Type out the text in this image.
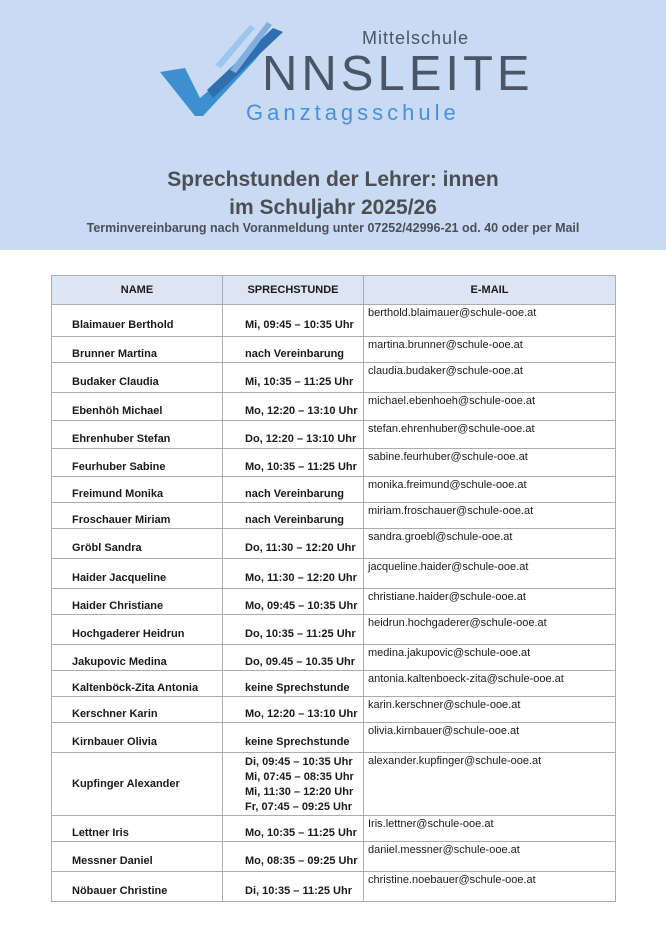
Mittelschule
NNSLEITE
Ganztagsschule
Sprechstunden der Lehrer: innen
im Schuljahr 2025/26
Terminvereinbarung nach Voranmeldung unter 07252/42996-21 od. 40 oder per Mail
NAME	SPRECHSTUNDE	E-MAIL
Blaimauer Berthold	Mi, 09:45 – 10:35 Uhr	berthold.blaimauer@schule-ooe.at
Brunner Martina	nach Vereinbarung	martina.brunner@schule-ooe.at
Budaker Claudia	Mi, 10:35 – 11:25 Uhr	claudia.budaker@schule-ooe.at
Ebenhöh Michael	Mo, 12:20 – 13:10 Uhr	michael.ebenhoeh@schule-ooe.at
Ehrenhuber Stefan	Do, 12:20 – 13:10 Uhr	stefan.ehrenhuber@schule-ooe.at
Feurhuber Sabine	Mo, 10:35 – 11:25 Uhr	sabine.feurhuber@schule-ooe.at
Freimund Monika	nach Vereinbarung	monika.freimund@schule-ooe.at
Froschauer Miriam	nach Vereinbarung	miriam.froschauer@schule-ooe.at
Gröbl Sandra	Do, 11:30 – 12:20 Uhr	sandra.groebl@schule-ooe.at
Haider Jacqueline	Mo, 11:30 – 12:20 Uhr	jacqueline.haider@schule-ooe.at
Haider Christiane	Mo, 09:45 – 10:35 Uhr	christiane.haider@schule-ooe.at
Hochgaderer Heidrun	Do, 10:35 – 11:25 Uhr	heidrun.hochgaderer@schule-ooe.at
Jakupovic Medina	Do, 09.45 – 10.35 Uhr	medina.jakupovic@schule-ooe.at
Kaltenböck-Zita Antonia	keine Sprechstunde	antonia.kaltenboeck-zita@schule-ooe.at
Kerschner Karin	Mo, 12:20 – 13:10 Uhr	karin.kerschner@schule-ooe.at
Kirnbauer Olivia	keine Sprechstunde	olivia.kirnbauer@schule-ooe.at
Kupfinger Alexander	Di, 09:45 – 10:35 Uhr
Mi, 07:45 – 08:35 Uhr
Mi, 11:30 – 12:20 Uhr
Fr, 07:45 – 09:25 Uhr	alexander.kupfinger@schule-ooe.at
Lettner Iris	Mo, 10:35 – 11:25 Uhr	Iris.lettner@schule-ooe.at
Messner Daniel	Mo, 08:35 – 09:25 Uhr	daniel.messner@schule-ooe.at
Nöbauer Christine	Di, 10:35 – 11:25 Uhr	christine.noebauer@schule-ooe.at
